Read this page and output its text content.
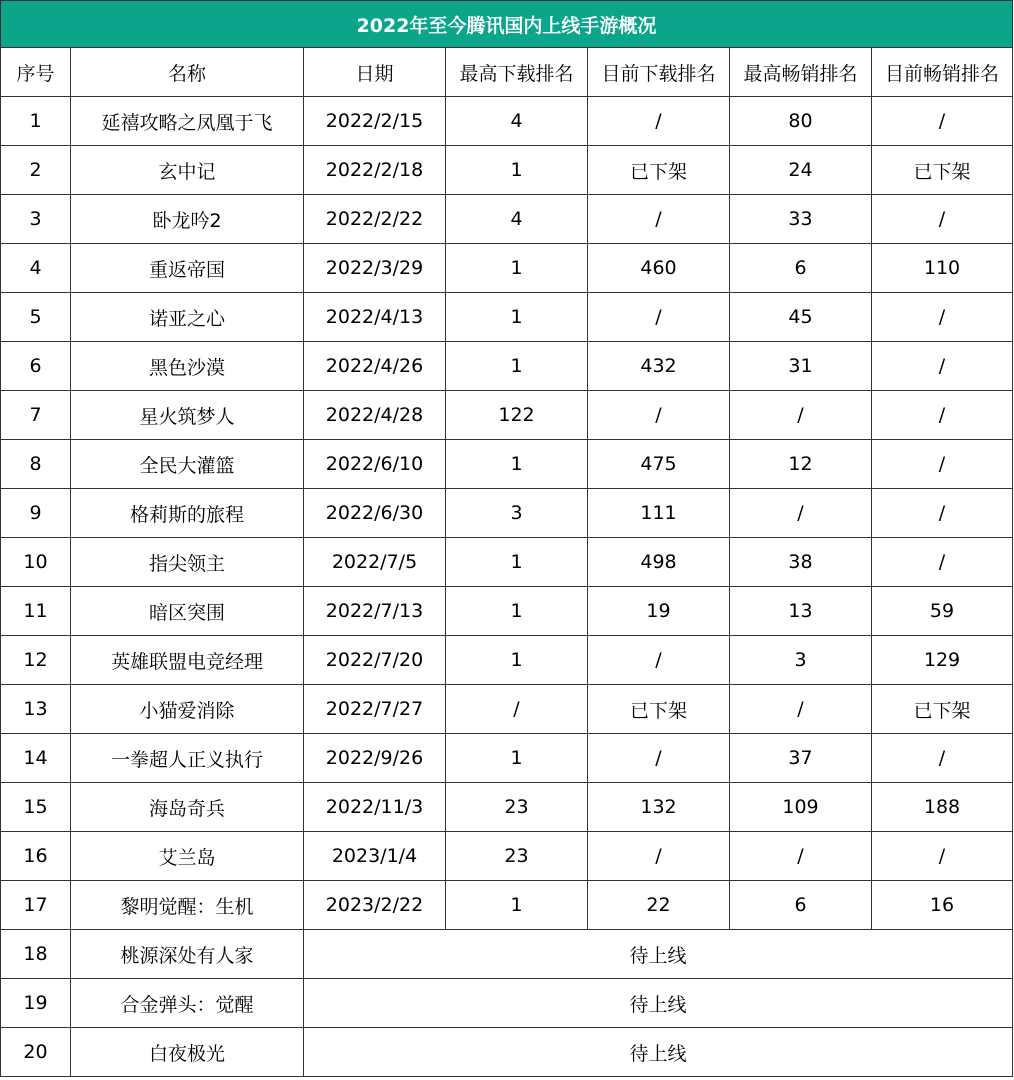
2022年至今腾讯国内上线手游概况						
序号	名称	日期	最高下载排名	目前下载排名	最高畅销排名	目前畅销排名
1	延禧攻略之凤凰于飞	2022/2/15	4	/	80	/
2	玄中记	2022/2/18	1	已下架	24	已下架
3	卧龙吟2	2022/2/22	4	/	33	/
4	重返帝国	2022/3/29	1	460	6	110
5	诺亚之心	2022/4/13	1	/	45	/
6	黑色沙漠	2022/4/26	1	432	31	/
7	星火筑梦人	2022/4/28	122	/	/	/
8	全民大灌篮	2022/6/10	1	475	12	/
9	格莉斯的旅程	2022/6/30	3	111	/	/
10	指尖领主	2022/7/5	1	498	38	/
11	暗区突围	2022/7/13	1	19	13	59
12	英雄联盟电竞经理	2022/7/20	1	/	3	129
13	小猫爱消除	2022/7/27	/	已下架	/	已下架
14	一拳超人正义执行	2022/9/26	1	/	37	/
15	海岛奇兵	2022/11/3	23	132	109	188
16	艾兰岛	2023/1/4	23	/	/	/
17	黎明觉醒：生机	2023/2/22	1	22	6	16
18	桃源深处有人家	待上线				
19	合金弹头：觉醒	待上线				
20	白夜极光	待上线				
